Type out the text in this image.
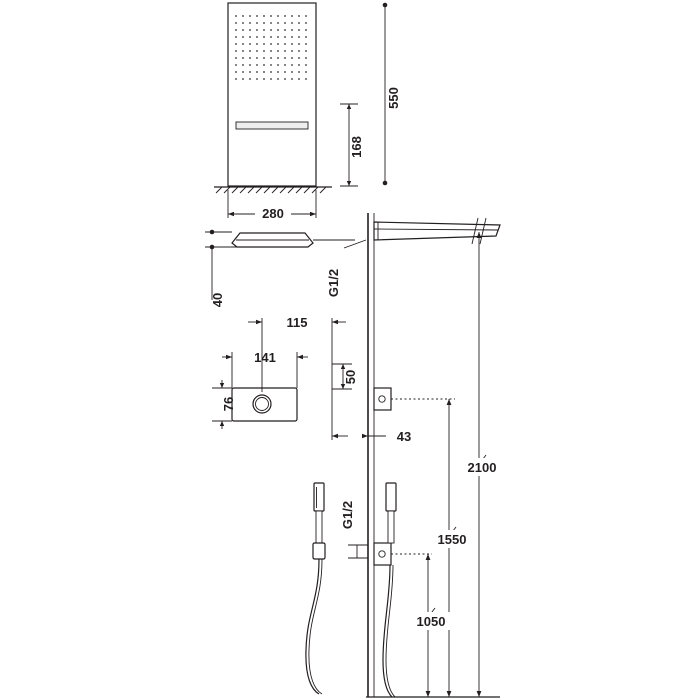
550
168
280
40
G1/2
115
141
76
50
43
G1/2
2100
1550
1050
